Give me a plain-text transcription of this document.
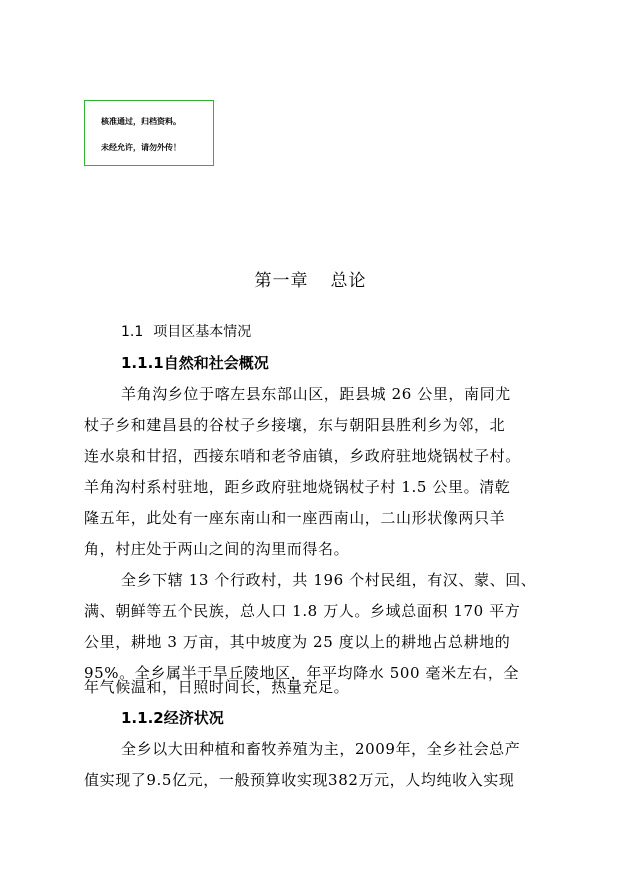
核准通过，归档资料。
未经允许，请勿外传！
第一章 总论
1.1 项目区基本情况
1.1.1自然和社会概况
羊角沟乡位于喀左县东部山区，距县城 26 公里，南同尤
杖子乡和建昌县的谷杖子乡接壤，东与朝阳县胜利乡为邻，北
连水泉和甘招，西接东哨和老爷庙镇，乡政府驻地烧锅杖子村。
羊角沟村系村驻地，距乡政府驻地烧锅杖子村 1.5 公里。清乾
隆五年，此处有一座东南山和一座西南山，二山形状像两只羊
角，村庄处于两山之间的沟里而得名。
全乡下辖 13 个行政村，共 196 个村民组，有汉、蒙、回、
满、朝鲜等五个民族，总人口 1.8 万人。乡域总面积 170 平方
公里，耕地 3 万亩，其中坡度为 25 度以上的耕地占总耕地的
95%。全乡属半干旱丘陵地区，年平均降水 500 毫米左右，全
年气候温和，日照时间长，热量充足。
1.1.2经济状况
全乡以大田种植和畜牧养殖为主，2009年，全乡社会总产
值实现了9.5亿元，一般预算收实现382万元，人均纯收入实现
